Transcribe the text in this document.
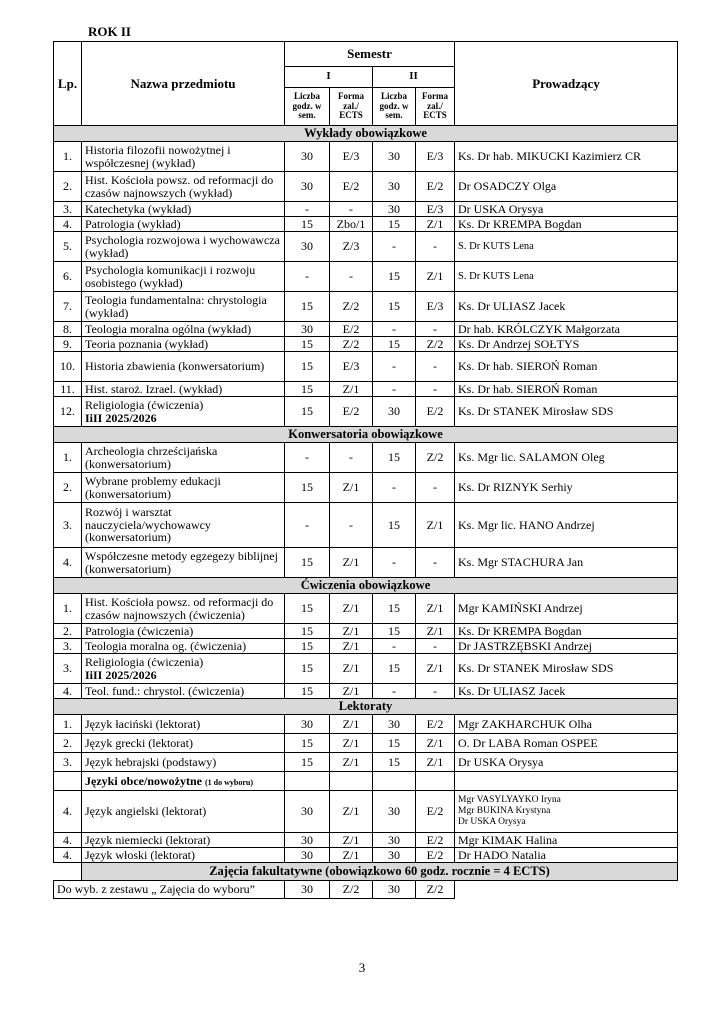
ROK II
Lp.	Nazwa przedmiotu	Semestr				Prowadzący
		I		II		
		Liczba godz. w sem.	Forma zal./ ECTS	Liczba godz. w sem.	Forma zal./ ECTS	
Wykłady obowiązkowe						
1.	Historia filozofii nowożytnej i współczesnej (wykład)	30	E/3	30	E/3	Ks. Dr hab. MIKUCKI Kazimierz CR
2.	Hist. Kościoła powsz. od reformacji do czasów najnowszych (wykład)	30	E/2	30	E/2	Dr OSADCZY Olga
3.	Katechetyka (wykład)	-	-	30	E/3	Dr USKA Orysya
4.	Patrologia (wykład)	15	Zbo/1	15	Z/1	Ks. Dr KREMPA Bogdan
5.	Psychologia rozwojowa i wychowawcza (wykład)	30	Z/3	-	-	S. Dr KUTS Lena
6.	Psychologia komunikacji i rozwoju osobistego (wykład)	-	-	15	Z/1	S. Dr KUTS Lena
7.	Teologia fundamentalna: chrystologia (wykład)	15	Z/2	15	E/3	Ks. Dr ULIASZ Jacek
8.	Teologia moralna ogólna (wykład)	30	E/2	-	-	Dr hab. KRÓLCZYK Małgorzata
9.	Teoria poznania (wykład)	15	Z/2	15	Z/2	Ks. Dr Andrzej SOŁTYS
10.	Historia zbawienia (konwersatorium)	15	E/3	-	-	Ks. Dr hab. SIEROŃ Roman
11.	Hist. staroż. Izrael. (wykład)	15	Z/1	-	-	Ks. Dr hab. SIEROŃ Roman
12.	Religiologia (ćwiczenia)
IiII 2025/2026	15	E/2	30	E/2	Ks. Dr STANEK Mirosław SDS
Konwersatoria obowiązkowe						
1.	Archeologia chrześcijańska (konwersatorium)	-	-	15	Z/2	Ks. Mgr lic. SALAMON Oleg
2.	Wybrane problemy edukacji (konwersatorium)	15	Z/1	-	-	Ks. Dr RIZNYK Serhiy
3.	Rozwój i warsztat nauczyciela/wychowawcy (konwersatorium)	-	-	15	Z/1	Ks. Mgr lic. HANO Andrzej
4.	Współczesne metody egzegezy biblijnej (konwersatorium)	15	Z/1	-	-	Ks. Mgr STACHURA Jan
Ćwiczenia obowiązkowe						
1.	Hist. Kościoła powsz. od reformacji do czasów najnowszych (ćwiczenia)	15	Z/1	15	Z/1	Mgr KAMIŃSKI Andrzej
2.	Patrologia (ćwiczenia)	15	Z/1	15	Z/1	Ks. Dr KREMPA Bogdan
3.	Teologia moralna og. (ćwiczenia)	15	Z/1	-	-	Dr JASTRZĘBSKI Andrzej
3.	Religiologia (ćwiczenia)
IiII 2025/2026	15	Z/1	15	Z/1	Ks. Dr STANEK Mirosław SDS
4.	Teol. fund.: chrystol. (ćwiczenia)	15	Z/1	-	-	Ks. Dr ULIASZ Jacek
Lektoraty						
1.	Język łaciński (lektorat)	30	Z/1	30	E/2	Mgr ZAKHARCHUK Olha
2.	Język grecki (lektorat)	15	Z/1	15	Z/1	O. Dr LABA Roman OSPEE
3.	Język hebrajski (podstawy)	15	Z/1	15	Z/1	Dr USKA Orysya
	Języki obce/nowożytne (1 do wyboru)					
4.	Język angielski (lektorat)	30	Z/1	30	E/2	Mgr VASYLYAYKO Iryna
Mgr BUKINA Krystyna
Dr USKA Orysya

4.	Język niemiecki (lektorat)	30	Z/1	30	E/2	Mgr KIMAK Halina
4.	Język włoski (lektorat)	30	Z/1	30	E/2	Dr HADO Natalia
	Zajęcia fakultatywne (obowiązkowo 60 godz. rocznie = 4 ECTS)					
Do wyb. z zestawu „ Zajęcia do wyboru”		30	Z/2	30	Z/2	
3
